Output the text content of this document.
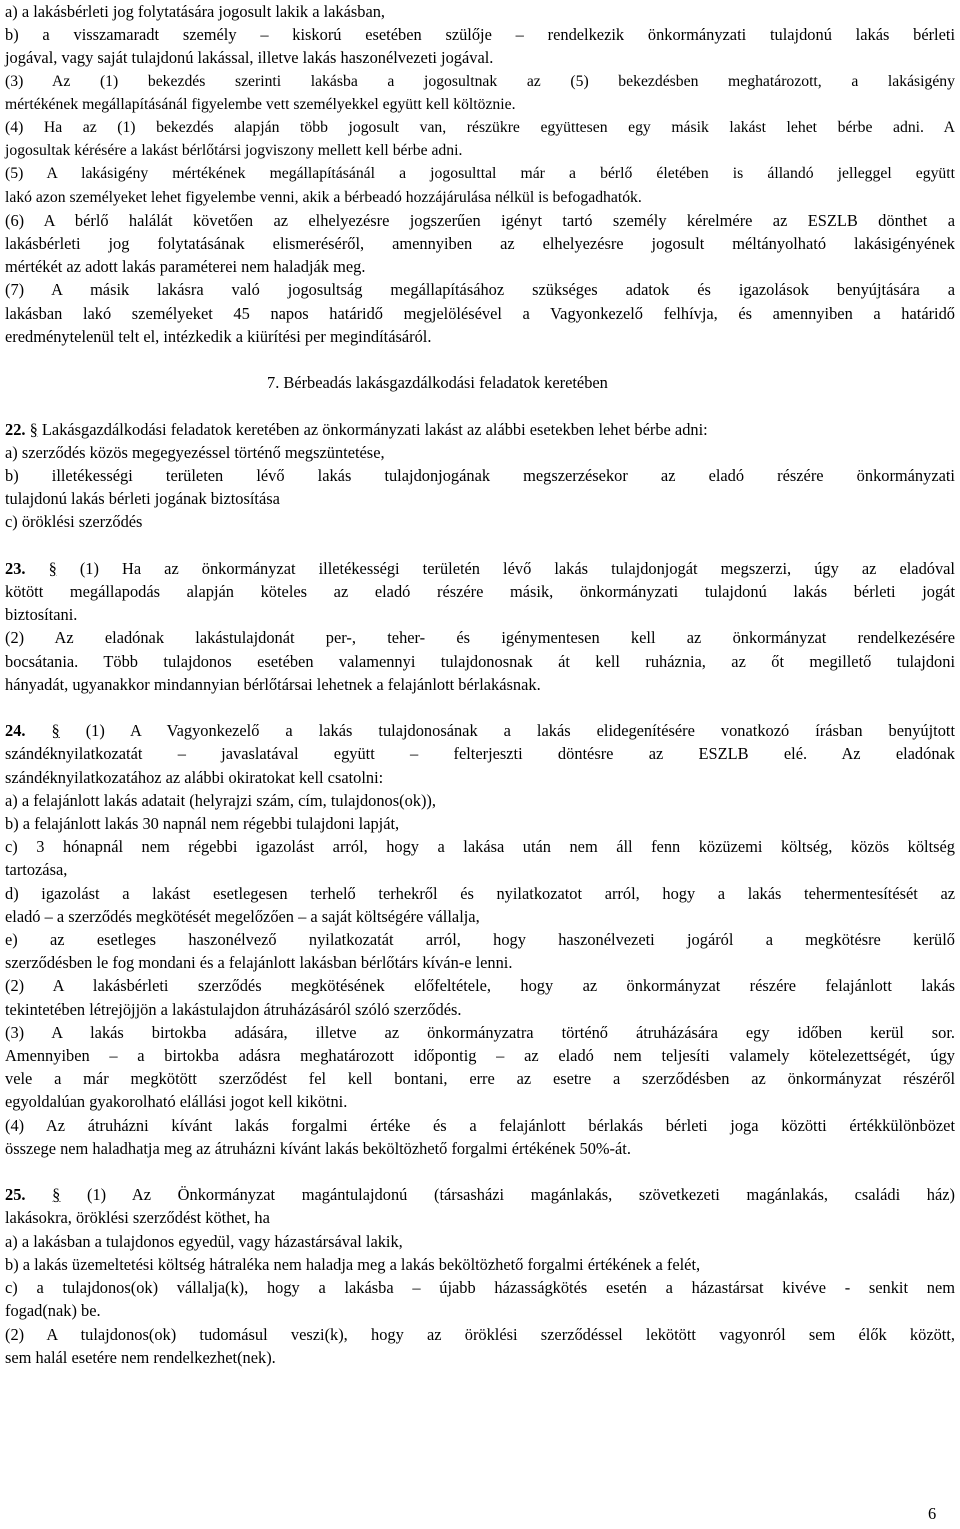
a) a lakásbérleti jog folytatására jogosult lakik a lakásban,
b) a visszamaradt személy – kiskorú esetében szülője – rendelkezik önkormányzati tulajdonú lakás bérleti
jogával, vagy saját tulajdonú lakással, illetve lakás haszonélvezeti jogával.
(3) Az (1) bekezdés szerinti lakásba a jogosultnak az (5) bekezdésben meghatározott, a lakásigény
mértékének megállapításánál figyelembe vett személyekkel együtt kell költöznie.
(4) Ha az (1) bekezdés alapján több jogosult van, részükre együttesen egy másik lakást lehet bérbe adni. A
jogosultak kérésére a lakást bérlőtársi jogviszony mellett kell bérbe adni.
(5) A lakásigény mértékének megállapításánál a jogosulttal már a bérlő életében is állandó jelleggel együtt
lakó azon személyeket lehet figyelembe venni, akik a bérbeadó hozzájárulása nélkül is befogadhatók.
(6) A bérlő halálát követően az elhelyezésre jogszerűen igényt tartó személy kérelmére az ESZLB dönthet a
lakásbérleti jog folytatásának elismeréséről, amennyiben az elhelyezésre jogosult méltányolható lakásigényének
mértékét az adott lakás paraméterei nem haladják meg.
(7) A másik lakásra való jogosultság megállapításához szükséges adatok és igazolások benyújtására a
lakásban lakó személyeket 45 napos határidő megjelölésével a Vagyonkezelő felhívja, és amennyiben a határidő
eredménytelenül telt el, intézkedik a kiürítési per megindításáról.
7. Bérbeadás lakásgazdálkodási feladatok keretében
22. § Lakásgazdálkodási feladatok keretében az önkormányzati lakást az alábbi esetekben lehet bérbe adni:
a) szerződés közös megegyezéssel történő megszüntetése,
b) illetékességi területen lévő lakás tulajdonjogának megszerzésekor az eladó részére önkormányzati
tulajdonú lakás bérleti jogának biztosítása
c) öröklési szerződés
23. § (1) Ha az önkormányzat illetékességi területén lévő lakás tulajdonjogát megszerzi, úgy az eladóval
kötött megállapodás alapján köteles az eladó részére másik, önkormányzati tulajdonú lakás bérleti jogát
biztosítani.
(2) Az eladónak lakástulajdonát per-, teher- és igénymentesen kell az önkormányzat rendelkezésére
bocsátania. Több tulajdonos esetében valamennyi tulajdonosnak át kell ruháznia, az őt megillető tulajdoni
hányadát, ugyanakkor mindannyian bérlőtársai lehetnek a felajánlott bérlakásnak.
24. § (1) A Vagyonkezelő a lakás tulajdonosának a lakás elidegenítésére vonatkozó írásban benyújtott
szándéknyilatkozatát – javaslatával együtt – felterjeszti döntésre az ESZLB elé. Az eladónak
szándéknyilatkozatához az alábbi okiratokat kell csatolni:
a) a felajánlott lakás adatait (helyrajzi szám, cím, tulajdonos(ok)),
b) a felajánlott lakás 30 napnál nem régebbi tulajdoni lapját,
c) 3 hónapnál nem régebbi igazolást arról, hogy a lakása után nem áll fenn közüzemi költség, közös költség
tartozása,
d) igazolást a lakást esetlegesen terhelő terhekről és nyilatkozatot arról, hogy a lakás tehermentesítését az
eladó – a szerződés megkötését megelőzően – a saját költségére vállalja,
e) az esetleges haszonélvező nyilatkozatát arról, hogy haszonélvezeti jogáról a megkötésre kerülő
szerződésben le fog mondani és a felajánlott lakásban bérlőtárs kíván-e lenni.
(2) A lakásbérleti szerződés megkötésének előfeltétele, hogy az önkormányzat részére felajánlott lakás
tekintetében létrejöjjön a lakástulajdon átruházásáról szóló szerződés.
(3) A lakás birtokba adására, illetve az önkormányzatra történő átruházására egy időben kerül sor.
Amennyiben – a birtokba adásra meghatározott időpontig – az eladó nem teljesíti valamely kötelezettségét, úgy
vele a már megkötött szerződést fel kell bontani, erre az esetre a szerződésben az önkormányzat részéről
egyoldalúan gyakorolható elállási jogot kell kikötni.
(4) Az átruházni kívánt lakás forgalmi értéke és a felajánlott bérlakás bérleti joga közötti értékkülönbözet
összege nem haladhatja meg az átruházni kívánt lakás beköltözhető forgalmi értékének 50%-át.
25. § (1) Az Önkormányzat magántulajdonú (társasházi magánlakás, szövetkezeti magánlakás, családi ház)
lakásokra, öröklési szerződést köthet, ha
a) a lakásban a tulajdonos egyedül, vagy házastársával lakik,
b) a lakás üzemeltetési költség hátraléka nem haladja meg a lakás beköltözhető forgalmi értékének a felét,
c) a tulajdonos(ok) vállalja(k), hogy a lakásba – újabb házasságkötés esetén a házastársat kivéve - senkit nem
fogad(nak) be.
(2) A tulajdonos(ok) tudomásul veszi(k), hogy az öröklési szerződéssel lekötött vagyonról sem élők között,
sem halál esetére nem rendelkezhet(nek).
6
